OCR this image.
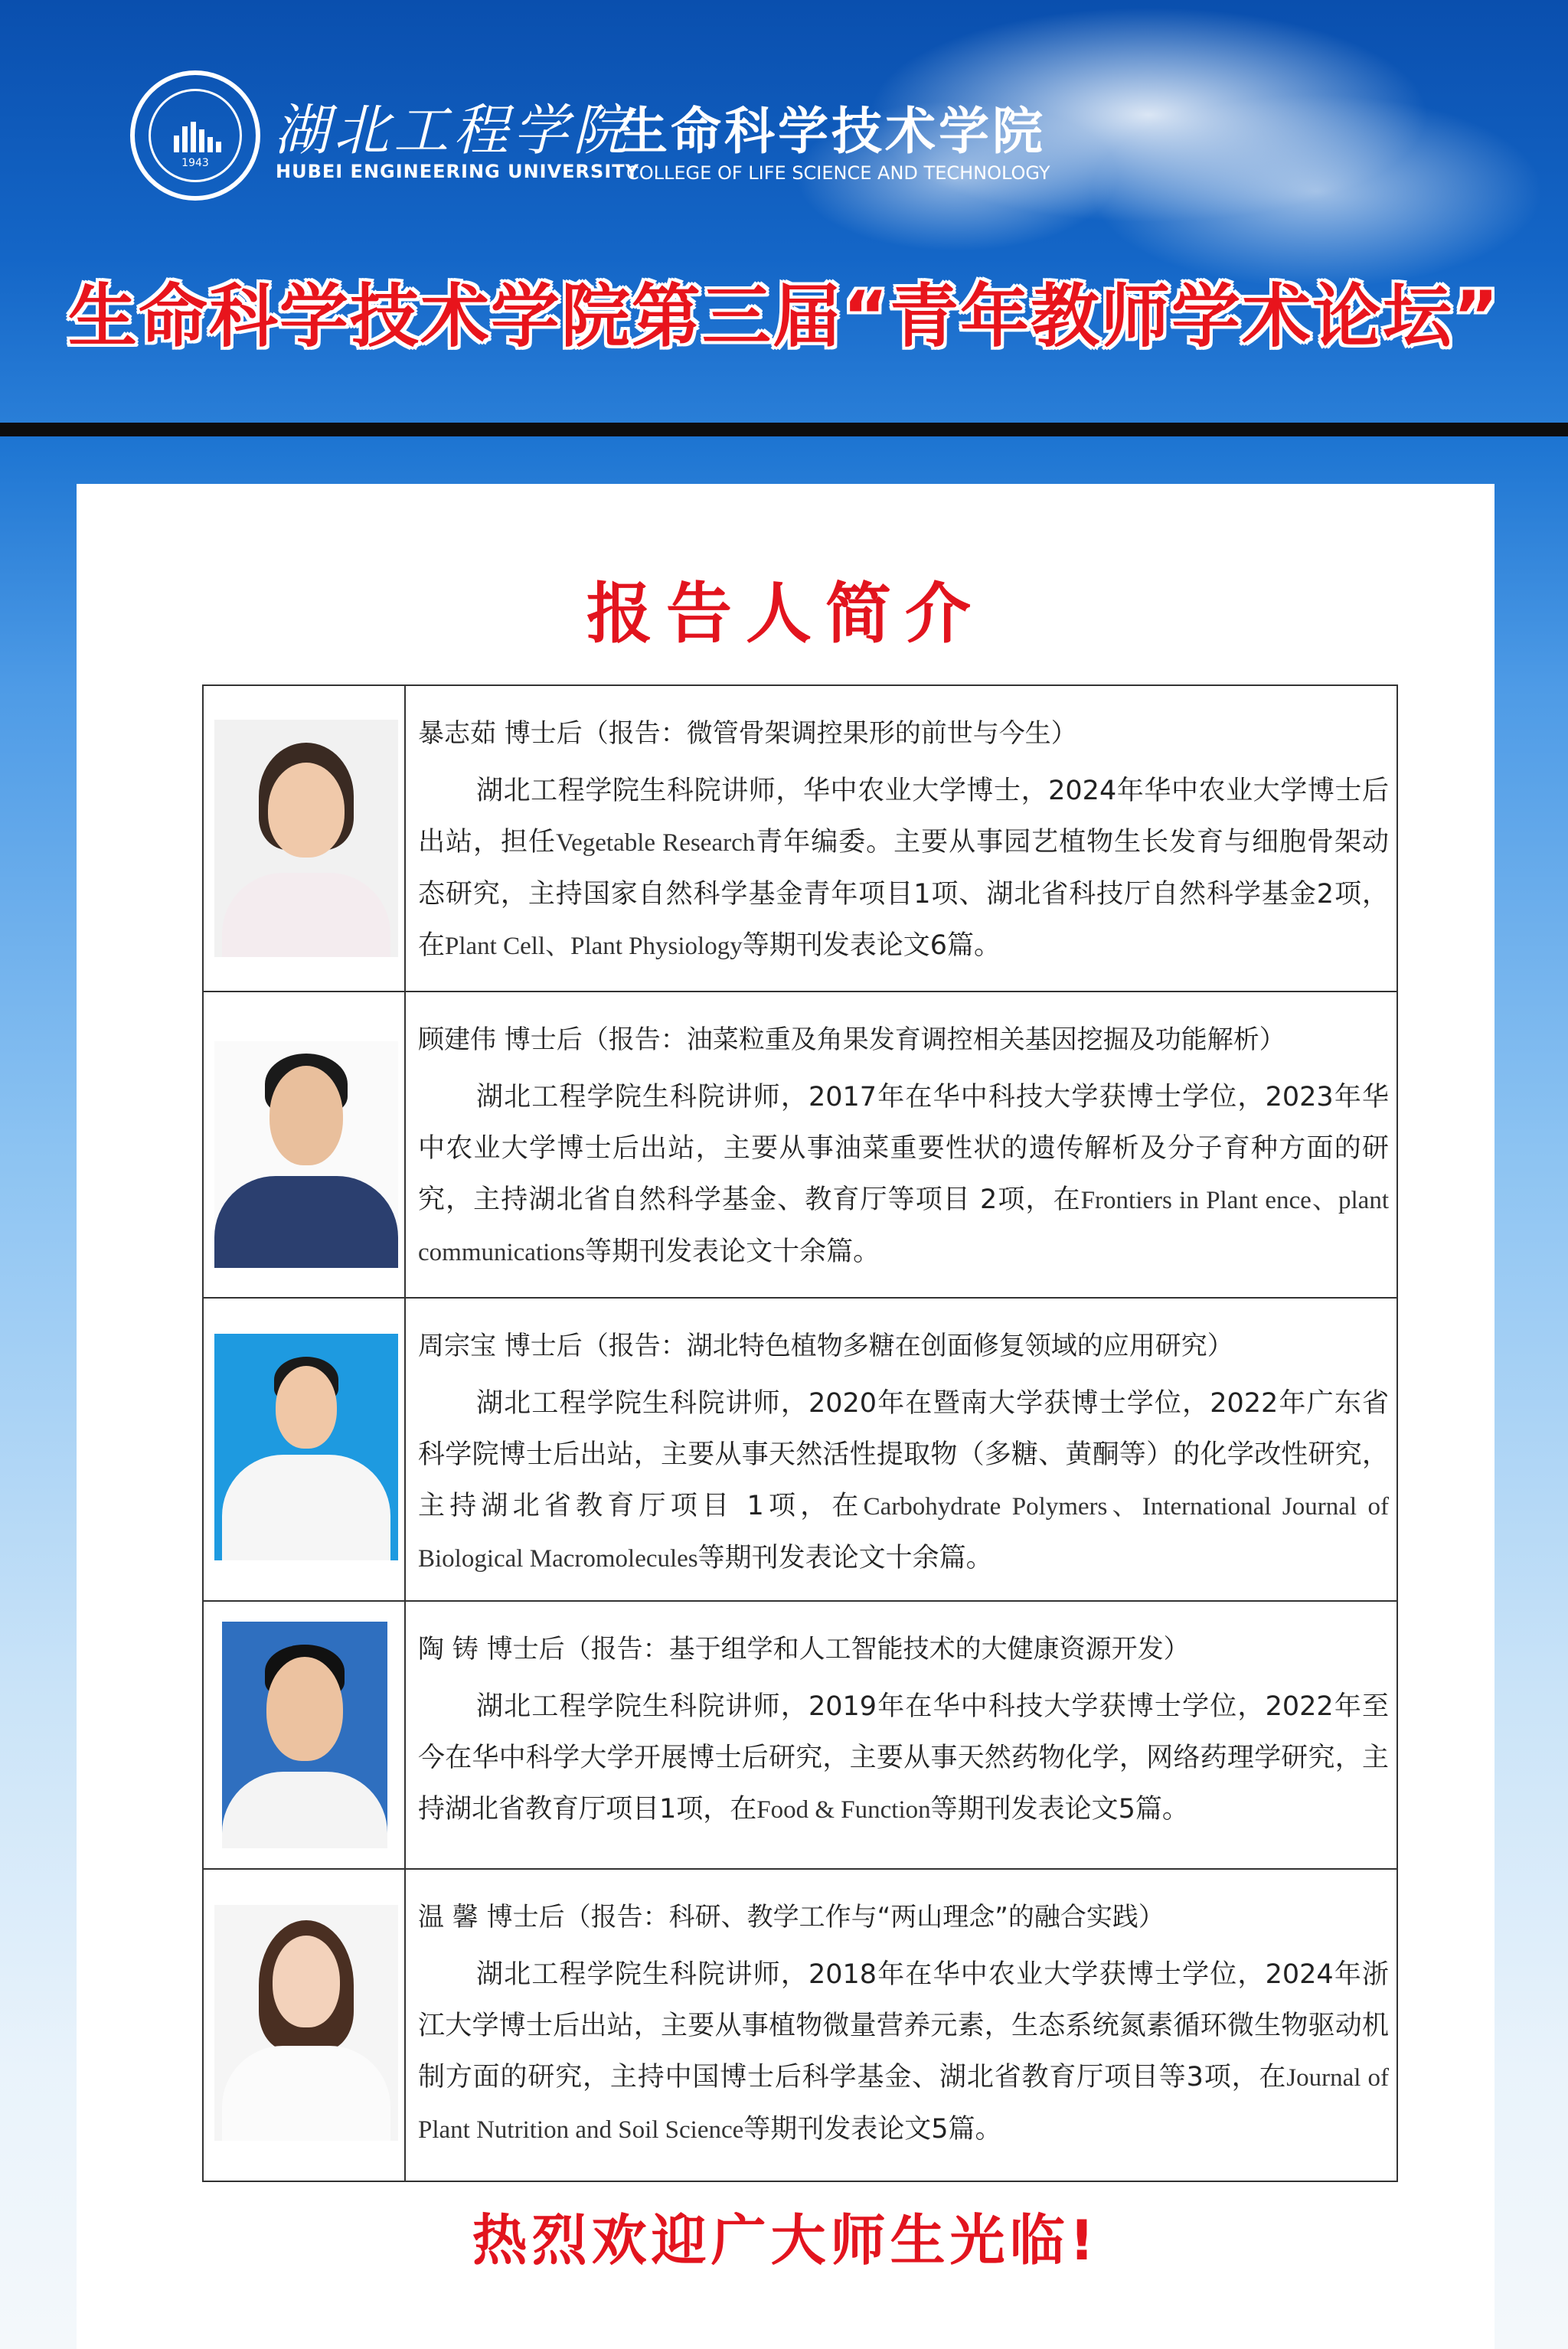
1943
湖北工程学院
HUBEI ENGINEERING UNIVERSITY
生命科学技术学院
COLLEGE OF LIFE SCIENCE AND TECHNOLOGY
生命科学技术学院第三届“青年教师学术论坛”
报告人简介
暴志茹 博士后（报告：微管骨架调控果形的前世与今生）
湖北工程学院生科院讲师，华中农业大学博士，2024年华中农业大学博士后出站，担任Vegetable Research青年编委。主要从事园艺植物生长发育与细胞骨架动态研究，主持国家自然科学基金青年项目1项、湖北省科技厅自然科学基金2项，在Plant Cell、Plant Physiology等期刊发表论文6篇。
顾建伟 博士后（报告：油菜粒重及角果发育调控相关基因挖掘及功能解析）
湖北工程学院生科院讲师，2017年在华中科技大学获博士学位，2023年华中农业大学博士后出站，主要从事油菜重要性状的遗传解析及分子育种方面的研究，主持湖北省自然科学基金、教育厅等项目 2项，在Frontiers in Plant ence、plant communications等期刊发表论文十余篇。
周宗宝 博士后（报告：湖北特色植物多糖在创面修复领域的应用研究）
湖北工程学院生科院讲师，2020年在暨南大学获博士学位，2022年广东省科学院博士后出站，主要从事天然活性提取物（多糖、黄酮等）的化学改性研究，主持湖北省教育厅项目 1项，在Carbohydrate Polymers、International Journal of Biological Macromolecules等期刊发表论文十余篇。
陶 铸 博士后（报告：基于组学和人工智能技术的大健康资源开发）
湖北工程学院生科院讲师，2019年在华中科技大学获博士学位，2022年至今在华中科学大学开展博士后研究，主要从事天然药物化学，网络药理学研究，主持湖北省教育厅项目1项，在Food & Function等期刊发表论文5篇。
温 馨 博士后（报告：科研、教学工作与“两山理念”的融合实践）
湖北工程学院生科院讲师，2018年在华中农业大学获博士学位，2024年浙江大学博士后出站，主要从事植物微量营养元素，生态系统氮素循环微生物驱动机制方面的研究，主持中国博士后科学基金、湖北省教育厅项目等3项，在Journal of Plant Nutrition and Soil Science等期刊发表论文5篇。
热烈欢迎广大师生光临!
